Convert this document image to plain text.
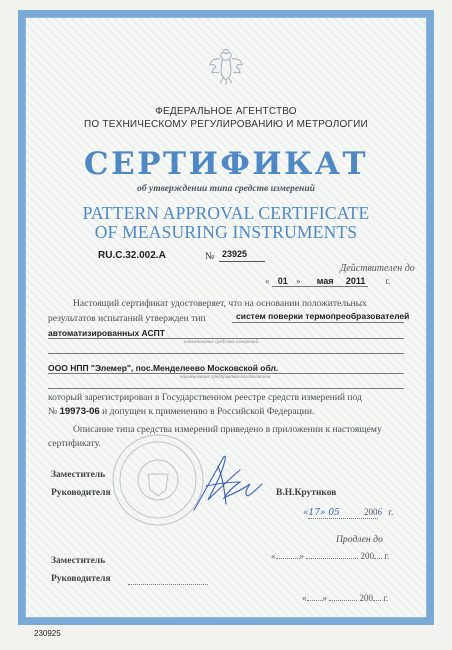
ФЕДЕРАЛЬНОЕ АГЕНТСТВО
ПО ТЕХНИЧЕСКОМУ РЕГУЛИРОВАНИЮ И МЕТРОЛОГИИ
СЕРТИФИКАТ
об утверждении типа средств измерений
PATTERN APPROVAL CERTIFICATE
OF MEASURING INSTRUMENTS
RU.C.32.002.A	№ 23925
Действителен до
« 01 » мая 2011 г.
Настоящий сертификат удостоверяет, что на основании положительных
результатов испытаний утвержден тип	систем поверки термопреобразователей
автоматизированных АСПТ
наименование средства измерений
ООО НПП "Элемер", пос.Менделеево Московской обл.
наименование предприятия-изготовителя
который зарегистрирован в Государственном реестре средств измерений под
№ 19973-06 и допущен к применению в Российской Федерации.
Описание типа средства измерений приведено в приложении к настоящему
сертификату.
Заместитель
Руководителя	В.Н.Крутиков
«17» 05	2006 г.
Продлен до
«	»	200 г.
Заместитель
Руководителя
« »	200 г.
230925
